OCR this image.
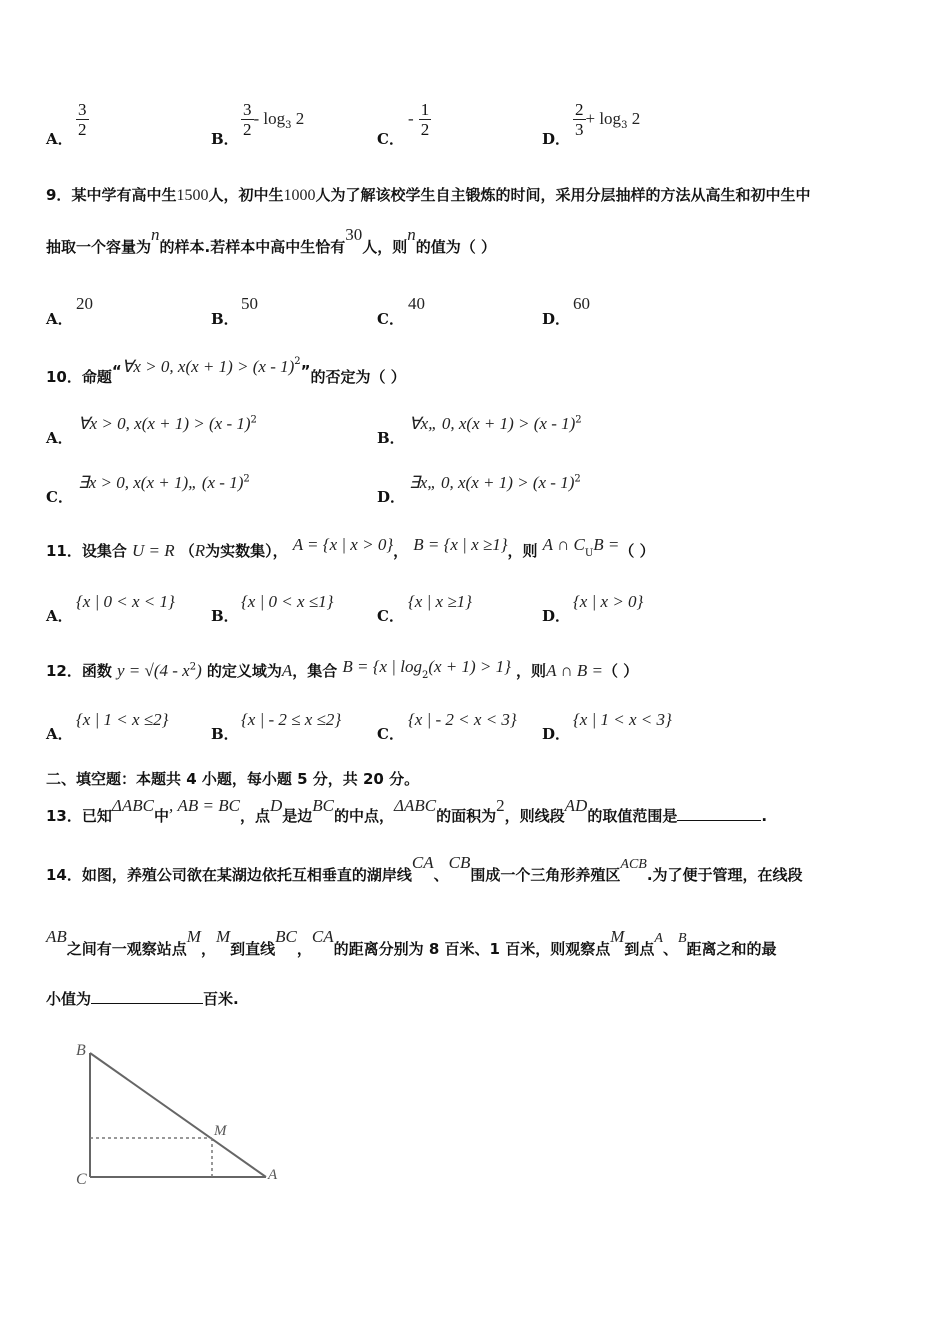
A． $\frac{3}{2}$	B． $\frac{3}{2} - \log_3 2$
C．
- $\frac{1}{2}$	D． $\frac{2}{3} + \log_3 2$
9．某中学有高中生1500人，初中生1000人为了解该校学生自主锻炼的时间，采用分层抽样的方法从高生和初中生中
抽取一个容量为n的样本.若样本中高中生恰有30人，则n的值为（ ）
A．
20
B．
50
C．
40
D．
60
10．命题“∀x > 0, x(x + 1) > (x - 1)$^2$”的否定为（ ）
A．
∀x > 0, x(x + 1) > (x - 1)$^2$
B．
∀x„ 0, x(x + 1) > (x - 1)$^2$
C．
∃x > 0, x(x + 1)„ (x - 1)$^2$
D．
∃x„ 0, x(x + 1) > (x - 1)$^2$
11．设集合 U = R （R为实数集）， A = {x | x > 0}， B = {x | x ≥1}，则 A ∩ $C_UB$ =（ ）
A．
{x | 0 < x < 1}
B．
{x | 0 < x ≤1}
C．
{x | x ≥1}
D．
{x | x > 0}
12．函数 $y = √(4 - x^2)$ 的定义域为A，集合 B = {x | $\log_2(x + 1) > 1$} ，则A ∩ B =（ ）
A．
{x | 1 < x ≤2}
B．
{x | - 2 ≤ x ≤2}
C．
{x | - 2 < x < 3}
D．
{x | 1 < x < 3}
二、填空题：本题共 4 小题，每小题 5 分，共 20 分。
13．已知ΔABC中, AB = BC，点D是边BC的中点，ΔABC的面积为2，则线段AD的取值范围是	.
14．如图，养殖公司欲在某湖边依托互相垂直的湖岸线CA、CB围成一个三角形养殖区ACB.为了便于管理，在线段
AB之间有一观察站点M，M到直线BC，CA的距离分别为 8 百米、1 百米，则观察点M到点A、B距离之和的最
小值为	百米.
B
C	A
M
